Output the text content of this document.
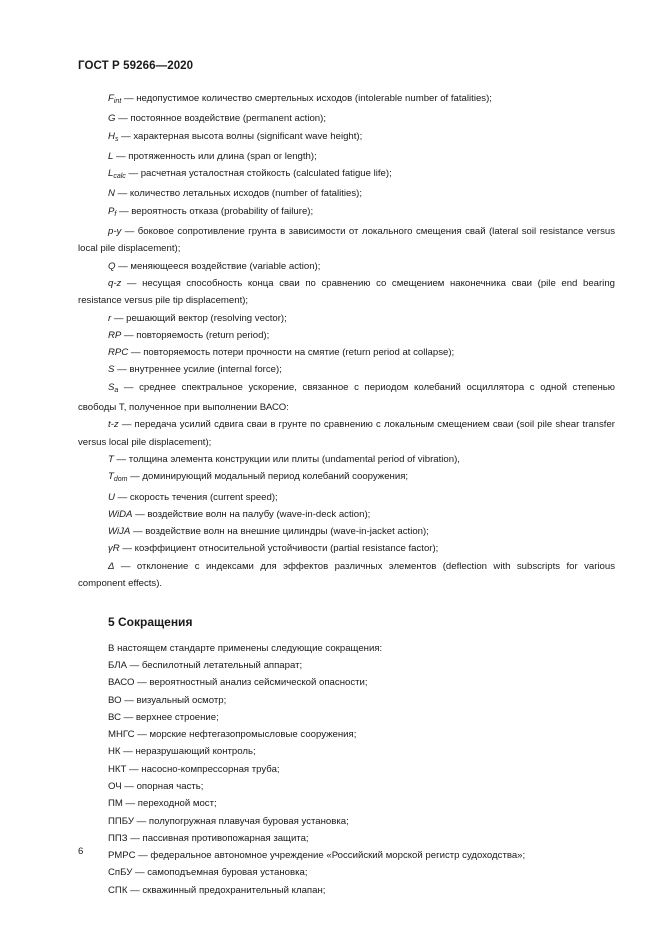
ГОСТ Р 59266—2020

$F_{int}$ — недопустимое количество смертельных исходов (intolerable number of fatalities);

G — постоянное воздействие (permanent action);

$H_s$ — характерная высота волны (significant wave height);

L — протяженность или длина (span or length);

$L_{calc}$ — расчетная усталостная стойкость (calculated fatigue life);

N — количество летальных исходов (number of fatalities);

$P_f$ — вероятность отказа (probability of failure);

p-y — боковое сопротивление грунта в зависимости от локального смещения свай (lateral soil resistance versus local pile displacement);

Q — меняющееся воздействие (variable action);

q-z — несущая способность конца сваи по сравнению со смещением наконечника сваи (pile end bearing resistance versus pile tip displacement);

r — решающий вектор (resolving vector);

RP — повторяемость (return period);

RPC — повторяемость потери прочности на смятие (return period at collapse);

S — внутреннее усилие (internal force);

$S_a$ — среднее спектральное ускорение, связанное с периодом колебаний осциллятора с одной степенью свободы T, полученное при выполнении ВАСО:

t-z — передача усилий сдвига сваи в грунте по сравнению с локальным смещением сваи (soil pile shear transfer versus local pile displacement);

T — толщина элемента конструкции или плиты (undamental period of vibration),

$T_{dom}$ — доминирующий модальный период колебаний сооружения;

U — скорость течения (current speed);

WiDA — воздействие волн на палубу (wave-in-deck action);

WiJA — воздействие волн на внешние цилиндры (wave-in-jacket action);

γR — коэффициент относительной устойчивости (partial resistance factor);

Δ — отклонение с индексами для эффектов различных элементов (deflection with subscripts for various component effects).

5 Сокращения

В настоящем стандарте применены следующие сокращения:

БЛА — беспилотный летательный аппарат;

ВАСО — вероятностный анализ сейсмической опасности;

ВО — визуальный осмотр;

ВС — верхнее строение;

МНГС — морские нефтегазопромысловые сооружения;

НК — неразрушающий контроль;

НКТ — насосно-компрессорная труба;

ОЧ — опорная часть;

ПМ — переходной мост;

ППБУ — полупогружная плавучая буровая установка;

ППЗ — пассивная противопожарная защита;

РМРС — федеральное автономное учреждение «Российский морской регистр судоходства»;

СпБУ — самоподъемная буровая установка;

СПК — скважинный предохранительный клапан;

6
